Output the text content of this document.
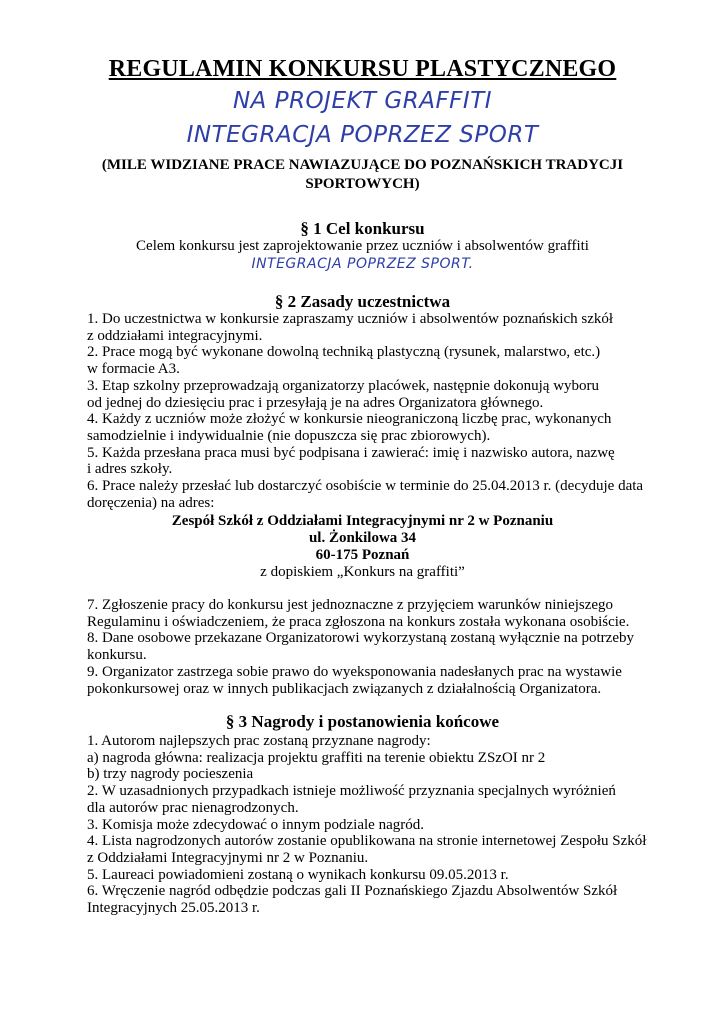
REGULAMIN KONKURSU PLASTYCZNEGO
NA PROJEKT GRAFFITI
INTEGRACJA POPRZEZ SPORT
(MILE WIDZIANE PRACE NAWIAZUJĄCE DO POZNAŃSKICH TRADYCJI
SPORTOWYCH)
§ 1 Cel konkursu
Celem konkursu jest zaprojektowanie przez uczniów i absolwentów graffiti
INTEGRACJA POPRZEZ SPORT.
§ 2 Zasady uczestnictwa
1. Do uczestnictwa w konkursie zapraszamy uczniów i absolwentów poznańskich szkół
z oddziałami integracyjnymi.
2. Prace mogą być wykonane dowolną techniką plastyczną (rysunek, malarstwo, etc.)
w formacie A3.
3. Etap szkolny przeprowadzają organizatorzy placówek, następnie dokonują wyboru
od jednej do dziesięciu prac i przesyłają je na adres Organizatora głównego.
4. Każdy z uczniów może złożyć w konkursie nieograniczoną liczbę prac, wykonanych
samodzielnie i indywidualnie (nie dopuszcza się prac zbiorowych).
5. Każda przesłana praca musi być podpisana i zawierać: imię i nazwisko autora, nazwę
i adres szkoły.
6. Prace należy przesłać lub dostarczyć osobiście w terminie do 25.04.2013 r. (decyduje data
doręczenia) na adres:
Zespół Szkół z Oddziałami Integracyjnymi nr 2 w Poznaniu
ul. Żonkilowa 34
60-175 Poznań
z dopiskiem „Konkurs na graffiti”
7. Zgłoszenie pracy do konkursu jest jednoznaczne z przyjęciem warunków niniejszego
Regulaminu i oświadczeniem, że praca zgłoszona na konkurs została wykonana osobiście.
8. Dane osobowe przekazane Organizatorowi wykorzystaną zostaną wyłącznie na potrzeby
konkursu.
9. Organizator zastrzega sobie prawo do wyeksponowania nadesłanych prac na wystawie
pokonkursowej oraz w innych publikacjach związanych z działalnością Organizatora.
§ 3 Nagrody i postanowienia końcowe
1. Autorom najlepszych prac zostaną przyznane nagrody:
a) nagroda główna: realizacja projektu graffiti na terenie obiektu ZSzOI nr 2
b) trzy nagrody pocieszenia
2. W uzasadnionych przypadkach istnieje możliwość przyznania specjalnych wyróżnień
dla autorów prac nienagrodzonych.
3. Komisja może zdecydować o innym podziale nagród.
4. Lista nagrodzonych autorów zostanie opublikowana na stronie internetowej Zespołu Szkół
z Oddziałami Integracyjnymi nr 2 w Poznaniu.
5. Laureaci powiadomieni zostaną o wynikach konkursu 09.05.2013 r.
6. Wręczenie nagród odbędzie podczas gali II Poznańskiego Zjazdu Absolwentów Szkół
Integracyjnych 25.05.2013 r.
